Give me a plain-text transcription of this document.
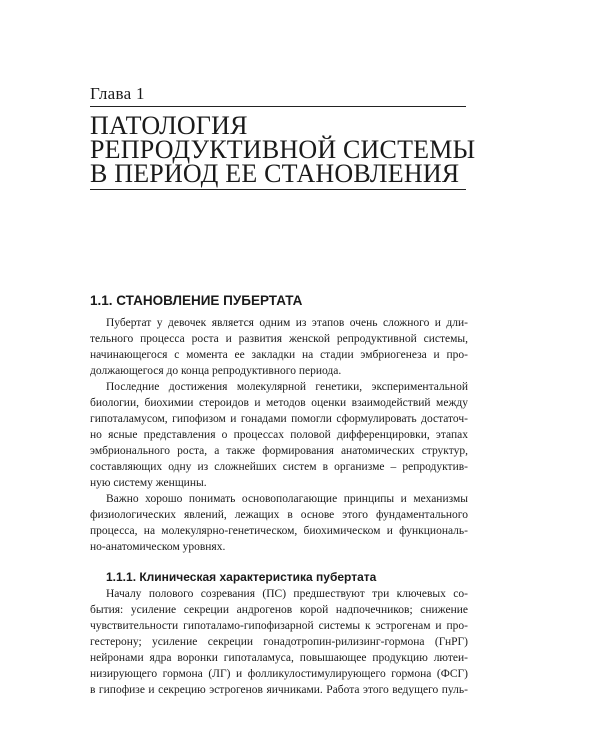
Глава 1
ПАТОЛОГИЯ
РЕПРОДУКТИВНОЙ СИСТЕМЫ
В ПЕРИОД ЕЕ СТАНОВЛЕНИЯ
1.1. СТАНОВЛЕНИЕ ПУБЕРТАТА
Пубертат у девочек является одним из этапов очень сложного и дли-
тельного процесса роста и развития женской репродуктивной системы,
начинающегося с момента ее закладки на стадии эмбриогенеза и про-
должающегося до конца репродуктивного периода.
Последние достижения молекулярной генетики, экспериментальной
биологии, биохимии стероидов и методов оценки взаимодействий между
гипоталамусом, гипофизом и гонадами помогли сформулировать достаточ-
но ясные представления о процессах половой дифференцировки, этапах
эмбрионального роста, а также формирования анатомических структур,
составляющих одну из сложнейших систем в организме – репродуктив-
ную систему женщины.
Важно хорошо понимать основополагающие принципы и механизмы
физиологических явлений, лежащих в основе этого фундаментального
процесса, на молекулярно-генетическом, биохимическом и функциональ-
но-анатомическом уровнях.
1.1.1. Клиническая характеристика пубертата
Началу полового созревания (ПС) предшествуют три ключевых со-
бытия: усиление секреции андрогенов корой надпочечников; снижение
чувствительности гипоталамо-гипофизарной системы к эстрогенам и про-
гестерону; усиление секреции гонадотропин-рилизинг-гормона (ГнРГ)
нейронами ядра воронки гипоталамуса, повышающее продукцию лютеи-
низирующего гормона (ЛГ) и фолликулостимулирующего гормона (ФСГ)
в гипофизе и секрецию эстрогенов яичниками. Работа этого ведущего пуль-
